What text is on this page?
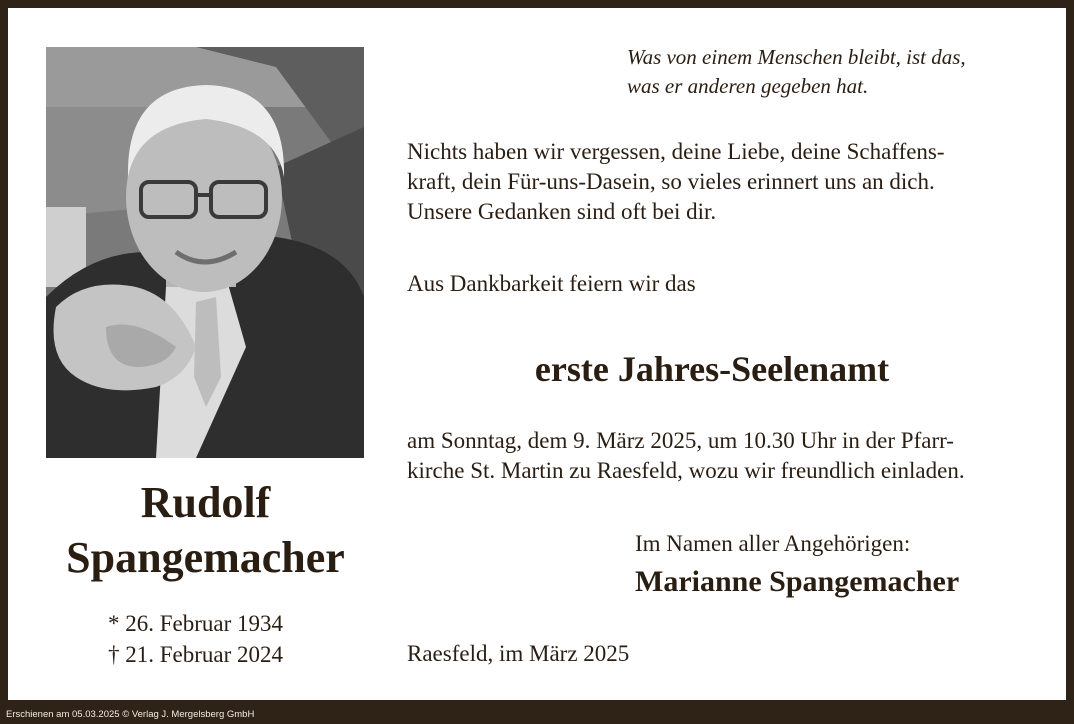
Rudolf
Spangemacher
* 26. Februar 1934
† 21. Februar 2024
Was von einem Menschen bleibt, ist das,
was er anderen gegeben hat.
Nichts haben wir vergessen, deine Liebe, deine Schaffens-
kraft, dein Für-uns-Dasein, so vieles erinnert uns an dich.
Unsere Gedanken sind oft bei dir.
Aus Dankbarkeit feiern wir das
erste Jahres-Seelenamt
am Sonntag, dem 9. März 2025, um 10.30 Uhr in der Pfarr-
kirche St. Martin zu Raesfeld, wozu wir freundlich einladen.
Im Namen aller Angehörigen:
Marianne Spangemacher
Raesfeld, im März 2025
Erschienen am 05.03.2025 © Verlag J. Mergelsberg GmbH
